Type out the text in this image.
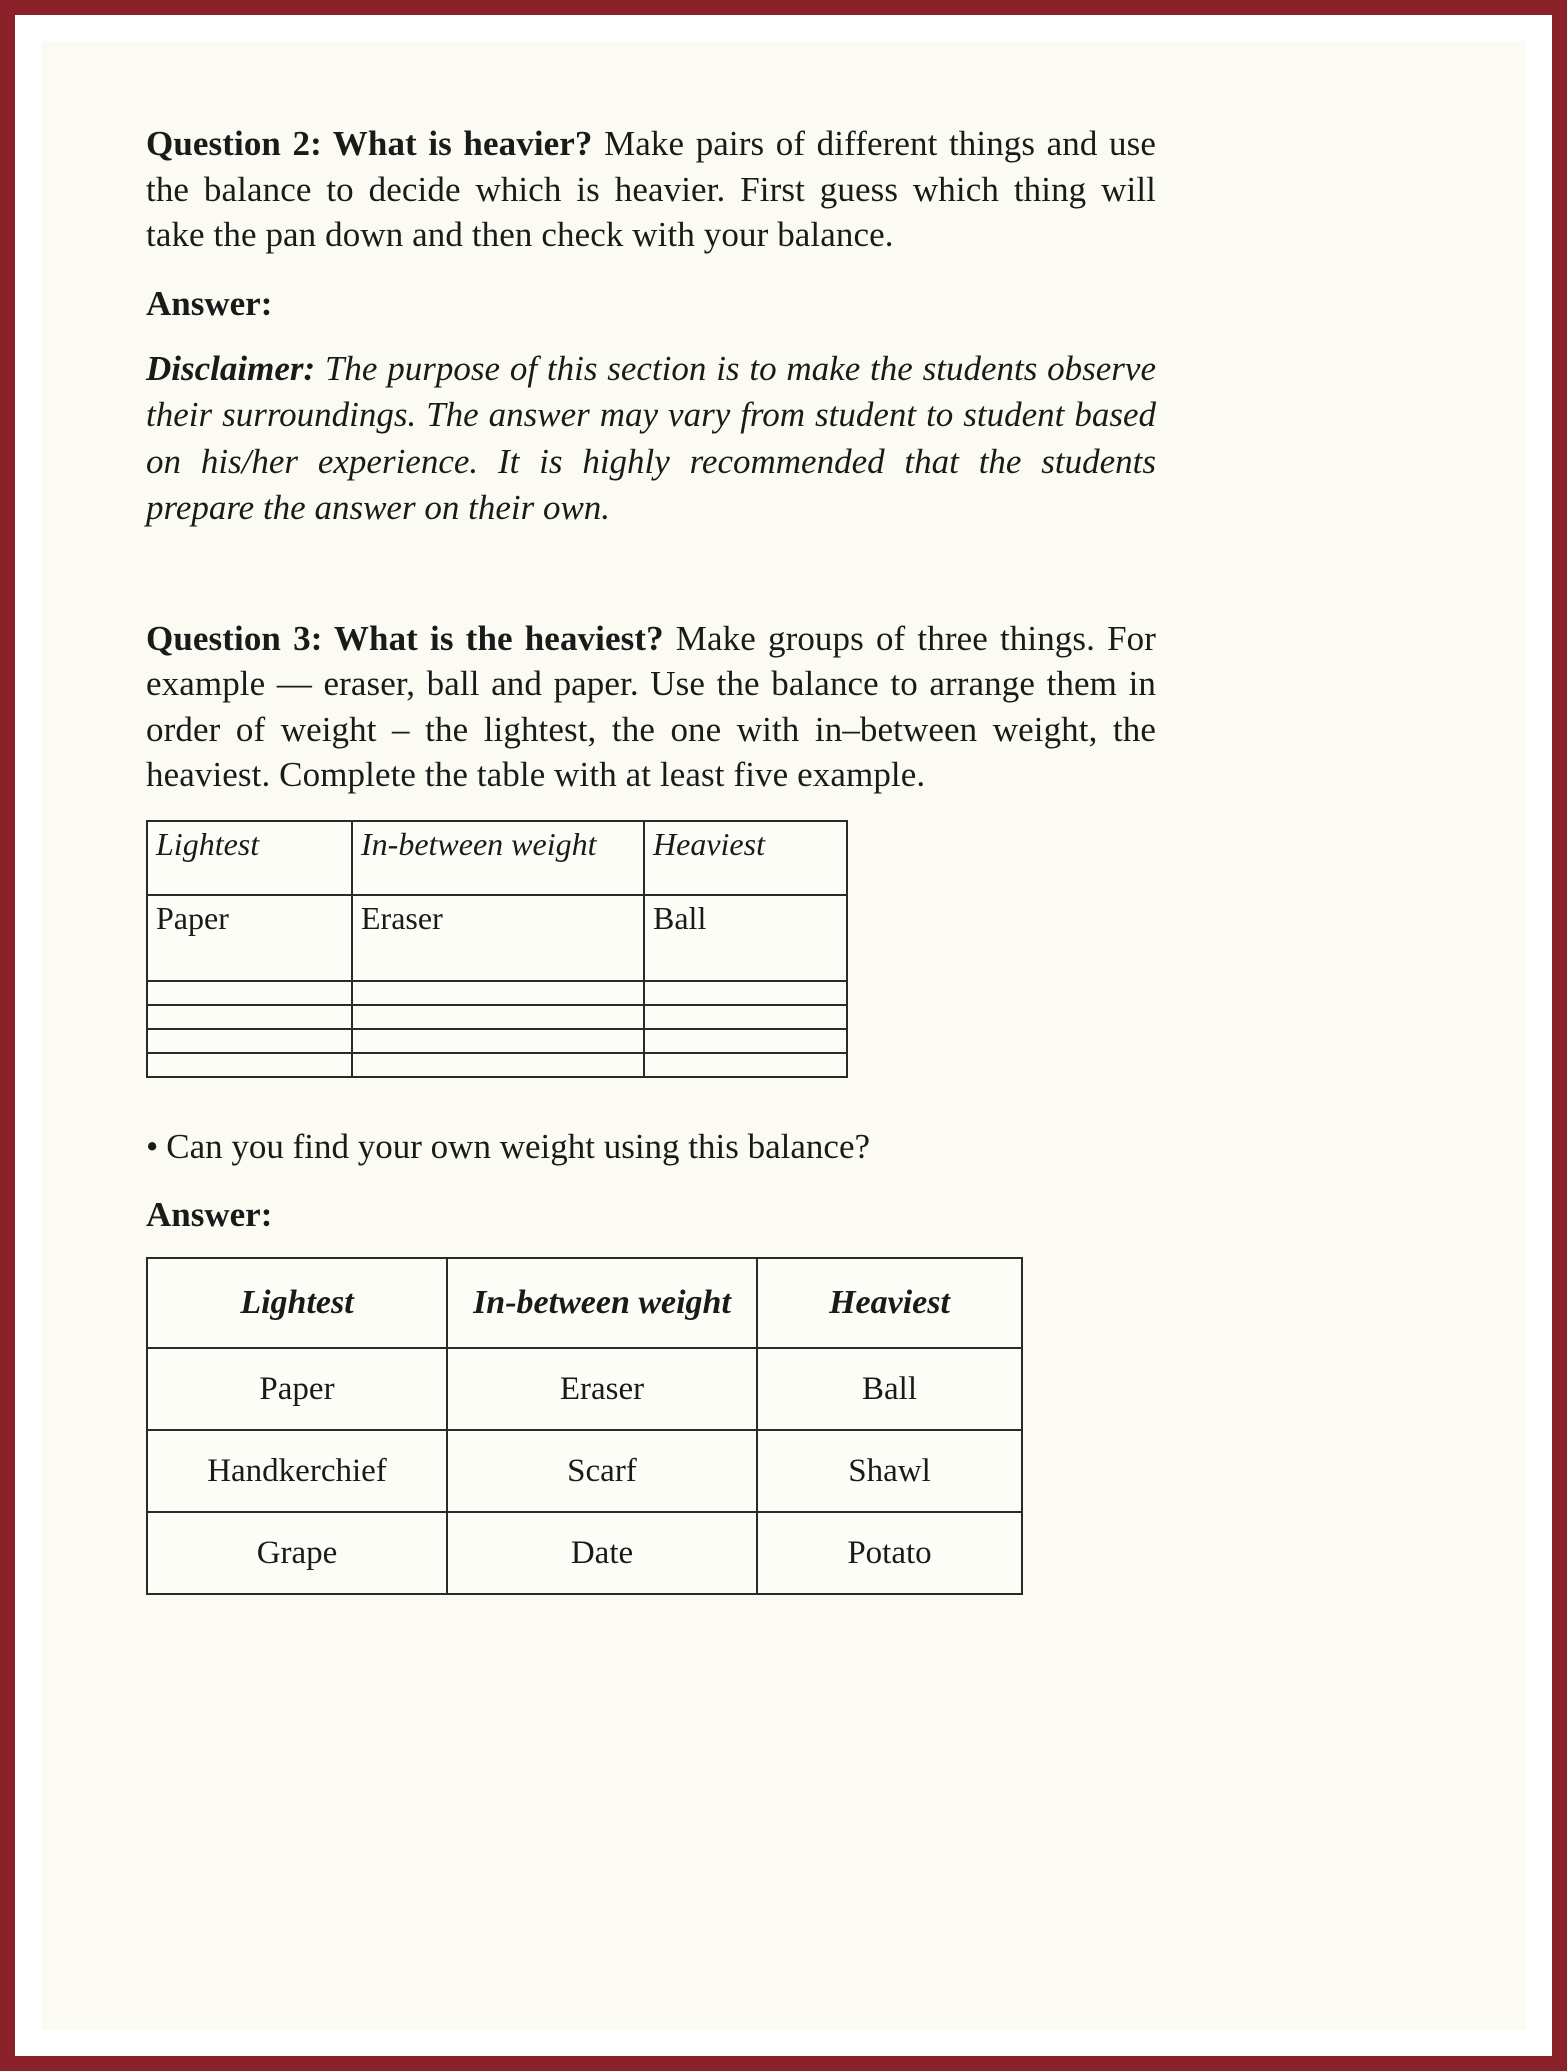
Question 2: What is heavier? Make pairs of different things and use the balance to decide which is heavier. First guess which thing will take the pan down and then check with your balance.

Answer:

Disclaimer: The purpose of this section is to make the students observe their surroundings. The answer may vary from student to student based on his/her experience. It is highly recommended that the students prepare the answer on their own.

Question 3: What is the heaviest? Make groups of three things. For example — eraser, ball and paper. Use the balance to arrange them in order of weight – the lightest, the one with in–between weight, the heaviest. Complete the table with at least five example.

Lightest	In-between weight	Heaviest
Paper	Eraser	Ball

• Can you find your own weight using this balance?

Answer:
Lightest	In-between weight	Heaviest
Paper	Eraser	Ball
Handkerchief	Scarf	Shawl
Grape	Date	Potato
